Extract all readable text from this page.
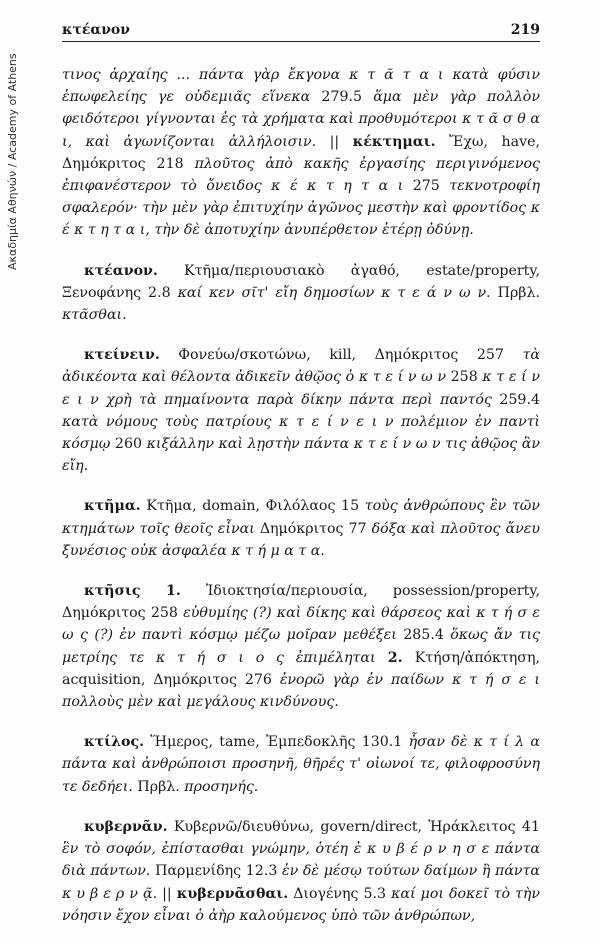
Ακαδημία Αθηνών / Academy of Athens
κτέανον	219

τινος ἀρχαίης ... πάντα γὰρ ἔκγονα κ τ ᾶ τ α ι κατὰ φύσιν ἐπωφελείης γε οὐδεμιᾶς εἵνεκα 279.5 ἅμα μὲν γὰρ πολλὸν φειδότεροι γίγνονται ἐς τὰ χρήματα καὶ προθυμότεροι κ τ ᾶ σ θ α ι, καὶ ἀγωνίζονται ἀλλήλοισιν. || κέκτημαι. Ἔχω, have, Δημόκριτος 218 πλοῦτος ἀπὸ κακῆς ἐργασίης περιγινόμενος ἐπιφανέστερον τὸ ὄνειδος κ έ κ τ η τ α ι 275 τεκνοτροφίη σφαλερόν· τὴν μὲν γὰρ ἐπιτυχίην ἀγῶνος μεστὴν καὶ φροντίδος κ έ κ τ η τ α ι, τὴν δὲ ἀποτυχίην ἀνυπέρθετον ἑτέρῃ ὀδύνῃ.

κτέανον. Κτῆμα/περιουσιακὸ ἀγαθό, estate/property, Ξενοφάνης 2.8 καί κεν σῖτ' εἴη δημοσίων κ τ ε ά ν ω ν. Πρβλ. κτᾶσθαι.

κτείνειν. Φονεύω/σκοτώνω, kill, Δημόκριτος 257 τὰ ἀδικέοντα καὶ θέλοντα ἀδικεῖν ἀθῷος ὁ κ τ ε ί ν ω ν 258 κ τ ε ί ν ε ι ν χρὴ τὰ πημαίνοντα παρὰ δίκην πάντα περὶ παντός 259.4 κατὰ νόμους τοὺς πατρίους κ τ ε ί ν ε ι ν πολέμιον ἐν παντὶ κόσμῳ 260 κιξάλλην καὶ λῃστὴν πάντα κ τ ε ί ν ω ν τις ἀθῷος ἂν εἴη.

κτῆμα. Κτῆμα, domain, Φιλόλαος 15 τοὺς ἀνθρώπους ἓν τῶν κτημάτων τοῖς θεοῖς εἶναι Δημόκριτος 77 δόξα καὶ πλοῦτος ἄνευ ξυνέσιος οὐκ ἀσφαλέα κ τ ή μ α τ α.

κτῆσις 1. Ἰδιοκτησία/περιουσία, possession/property, Δημόκριτος 258 εὐθυμίης (?) καὶ δίκης καὶ θάρσεος καὶ κ τ ή σ ε ω ς (?) ἐν παντὶ κόσμῳ μέζω μοῖραν μεθέξει 285.4 ὅκως ἄν τις μετρίης τε κ τ ή σ ι ο ς ἐπιμέληται 2. Κτήση/ἀπόκτηση, acquisition, Δημόκριτος 276 ἐνορῶ γὰρ ἐν παίδων κ τ ή σ ε ι πολλοὺς μὲν καὶ μεγάλους κινδύνους.

κτίλος. Ἥμερος, tame, Ἐμπεδοκλῆς 130.1 ἦσαν δὲ κ τ ί λ α πάντα καὶ ἀνθρώποισι προσηνῆ, θῆρές τ' οἰωνοί τε, φιλοφροσύνη τε δεδήει. Πρβλ. προσηνής.

κυβερνᾶν. Κυβερνῶ/διευθύνω, govern/direct, Ἡράκλειτος 41 ἓν τὸ σοφόν, ἐπίστασθαι γνώμην, ὁτέη ἐ κ υ β έ ρ ν η σ ε πάντα διὰ πάντων. Παρμενίδης 12.3 ἐν δὲ μέσῳ τούτων δαίμων ἣ πάντα κ υ β ε ρ ν ᾷ. || κυβερνᾶσθαι. Διογένης 5.3 καί μοι δοκεῖ τὸ τὴν νόησιν ἔχον εἶναι ὁ ἀὴρ καλούμενος ὑπὸ τῶν ἀνθρώπων,
